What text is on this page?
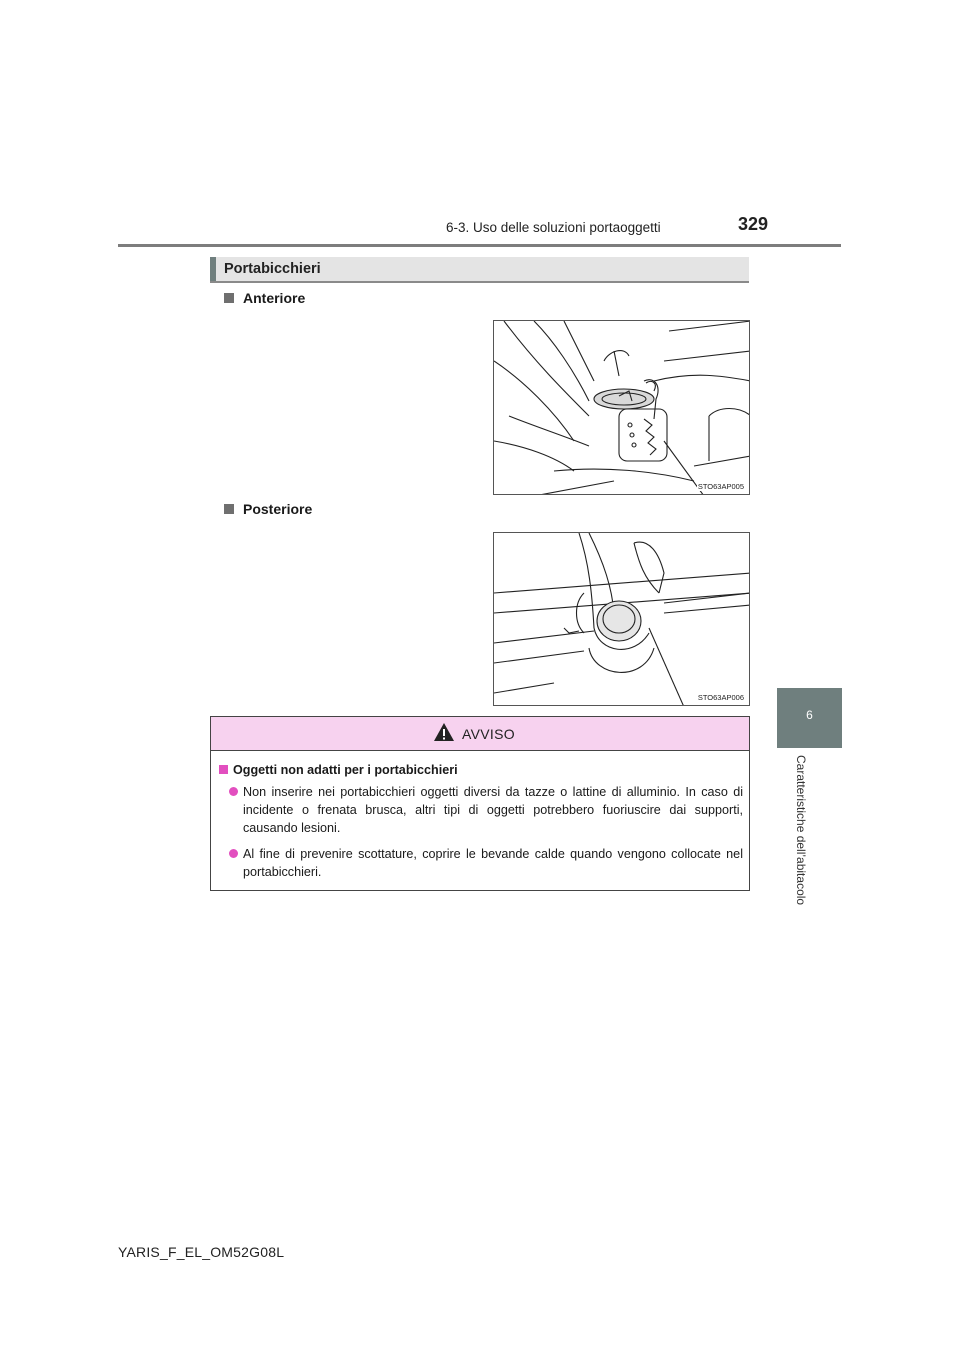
6-3. Uso delle soluzioni portaoggetti	329
6
Caratteristiche dell’abitacolo
Portabicchieri
Anteriore
STO63AP005
Posteriore
STO63AP006
AVVISO
Oggetti non adatti per i portabicchieri
Non inserire nei portabicchieri oggetti diversi da tazze o lattine di alluminio. In caso di incidente o frenata brusca, altri tipi di oggetti potrebbero fuoriuscire dai supporti, causando lesioni.
Al fine di prevenire scottature, coprire le bevande calde quando vengono collocate nel portabicchieri.
YARIS_F_EL_OM52G08L
